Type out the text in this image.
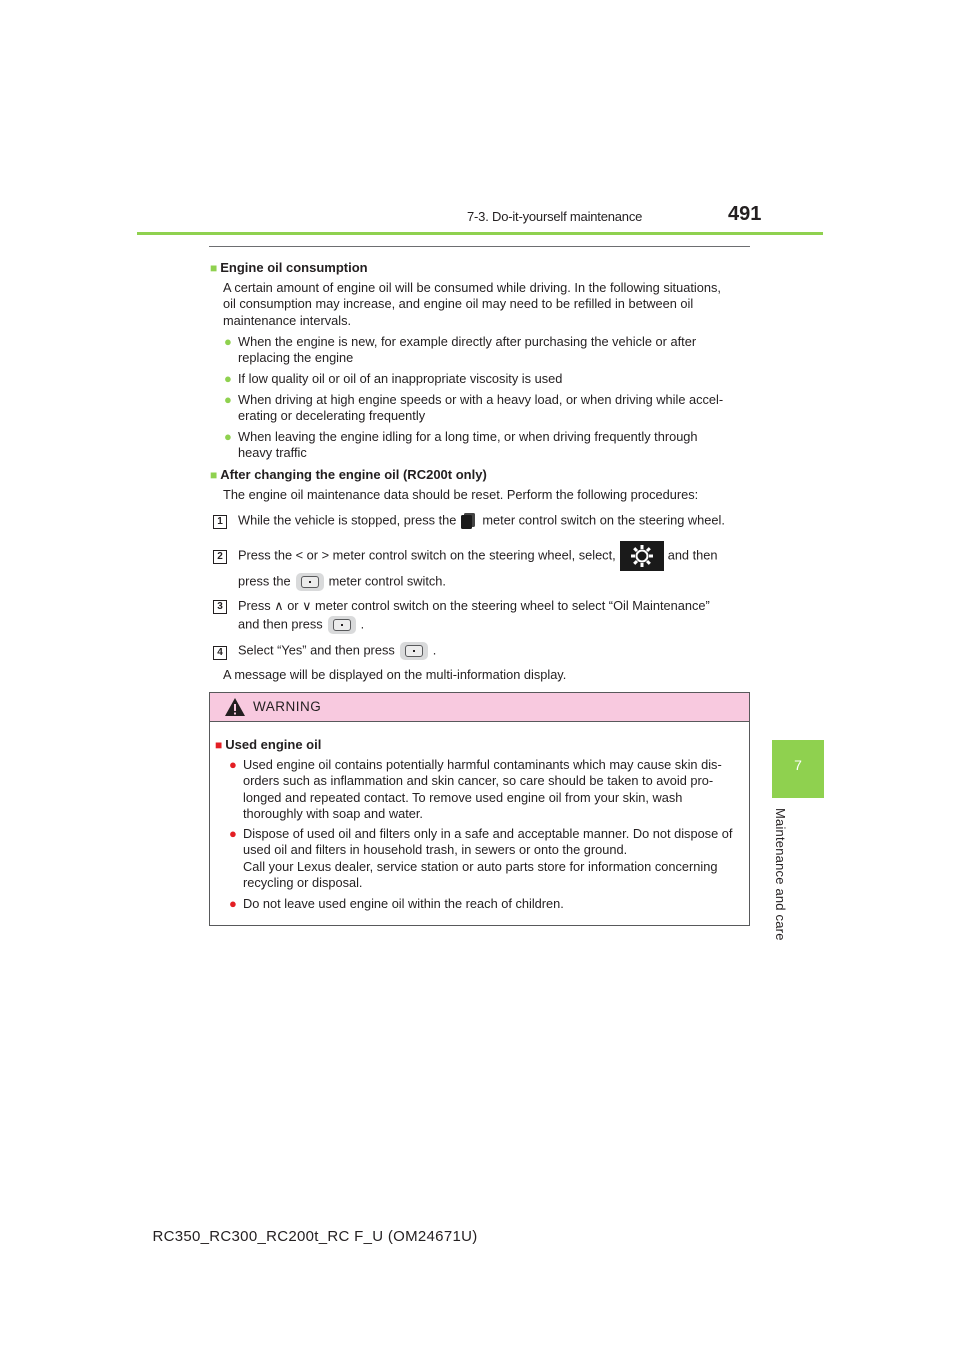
7-3. Do-it-yourself maintenance	491
7
Maintenance and care
■ Engine oil consumption
A certain amount of engine oil will be consumed while driving. In the following situations,
oil consumption may increase, and engine oil may need to be refilled in between oil
maintenance intervals.
● When the engine is new, for example directly after purchasing the vehicle or after
replacing the engine
● If low quality oil or oil of an inappropriate viscosity is used
● When driving at high engine speeds or with a heavy load, or when driving while accel-
erating or decelerating frequently
● When leaving the engine idling for a long time, or when driving frequently through
heavy traffic
■ After changing the engine oil (RC200t only)
The engine oil maintenance data should be reset. Perform the following procedures:
1	While the vehicle is stopped, press the meter control switch on the steering wheel.
2	Press the < or > meter control switch on the steering wheel, select,	and then
press the	meter control switch.
3	Press ∧ or ∨ meter control switch on the steering wheel to select “Oil Maintenance”
and then press	.
4	Select “Yes” and then press	.
A message will be displayed on the multi-information display.
WARNING
■ Used engine oil
● Used engine oil contains potentially harmful contaminants which may cause skin dis-
orders such as inflammation and skin cancer, so care should be taken to avoid pro-
longed and repeated contact. To remove used engine oil from your skin, wash
thoroughly with soap and water.
● Dispose of used oil and filters only in a safe and acceptable manner. Do not dispose of
used oil and filters in household trash, in sewers or onto the ground.
Call your Lexus dealer, service station or auto parts store for information concerning
recycling or disposal.
● Do not leave used engine oil within the reach of children.
RC350_RC300_RC200t_RC F_U (OM24671U)
